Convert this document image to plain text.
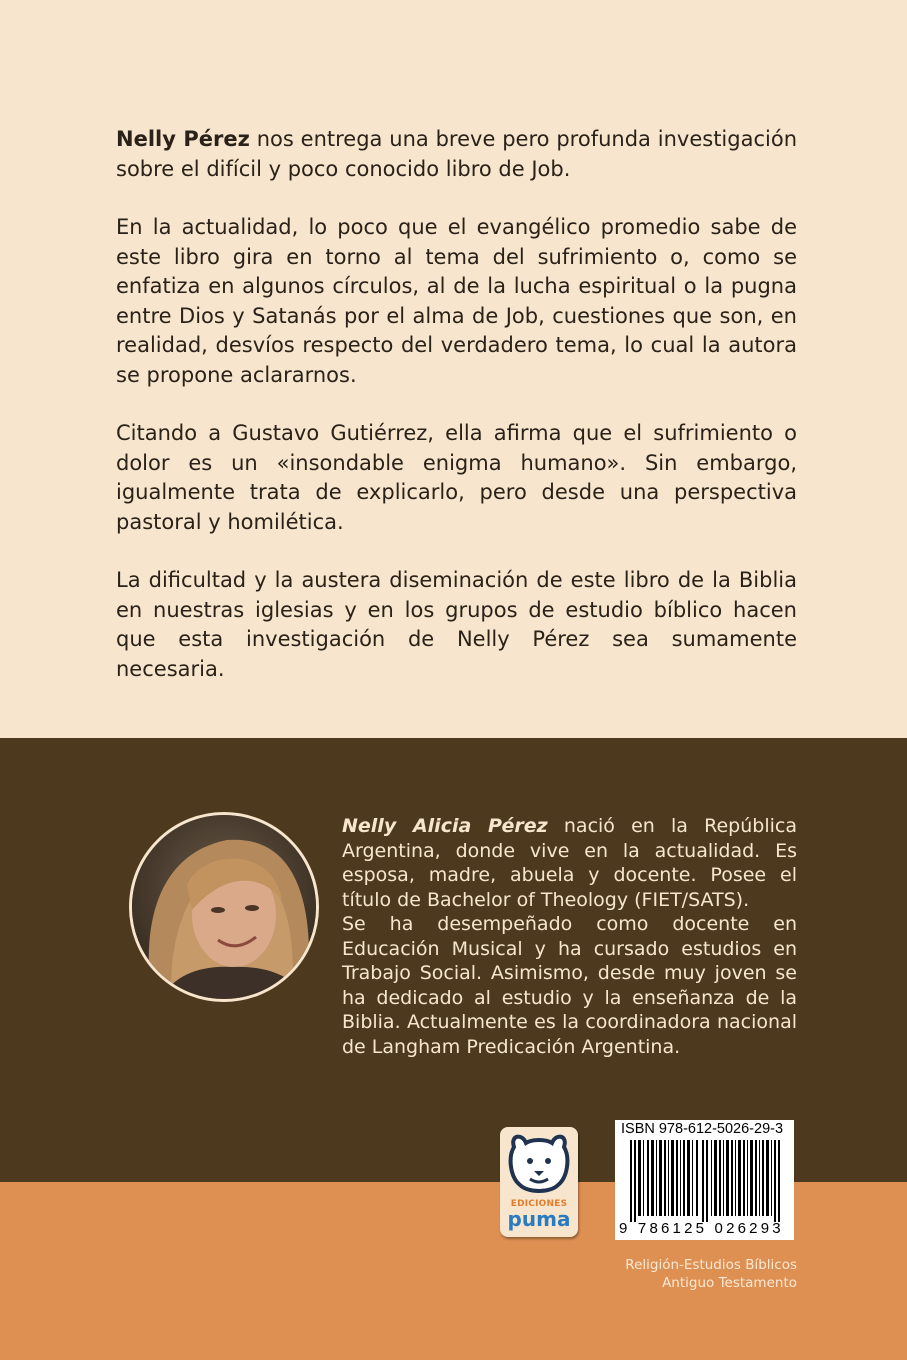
Nelly Pérez nos entrega una breve pero profunda investigación sobre el difícil y poco conocido libro de Job.

En la actualidad, lo poco que el evangélico promedio sabe de este libro gira en torno al tema del sufrimiento o, como se enfatiza en algunos círculos, al de la lucha espiritual o la pugna entre Dios y Satanás por el alma de Job, cuestiones que son, en realidad, desvíos respecto del verdadero tema, lo cual la autora se propone aclararnos.

Citando a Gustavo Gutiérrez, ella afirma que el sufrimiento o dolor es un «insondable enigma humano». Sin embargo, igualmente trata de explicarlo, pero desde una perspectiva pastoral y homilética.

La dificultad y la austera diseminación de este libro de la Biblia en nuestras iglesias y en los grupos de estudio bíblico hacen que esta investigación de Nelly Pérez sea sumamente necesaria.

Nelly Alicia Pérez nació en la República Argentina, donde vive en la actualidad. Es esposa, madre, abuela y docente. Posee el título de Bachelor of Theology (FIET/SATS).

Se ha desempeñado como docente en Educación Musical y ha cursado estudios en Trabajo Social. Asimismo, desde muy joven se ha dedicado al estudio y la enseñanza de la Biblia. Actualmente es la coordinadora nacional de Langham Predicación Argentina.

EDICIONES
puma
ISBN 978-612-5026-29-3
9 786125 026293
Religión-Estudios Bíblicos
Antiguo Testamento
